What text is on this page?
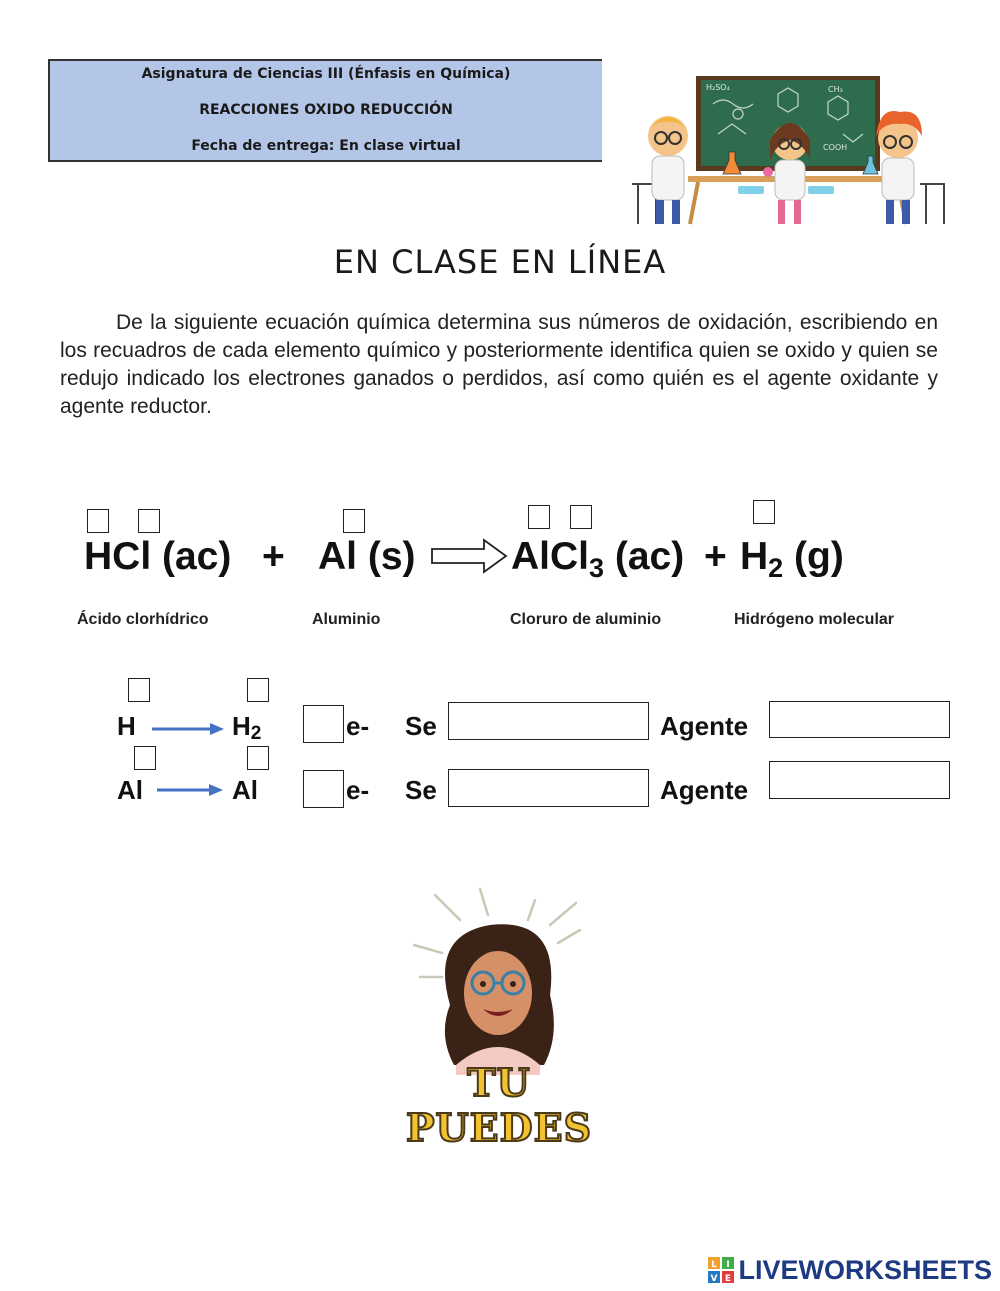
Asignatura de Ciencias III (Énfasis en Química)
REACCIONES OXIDO REDUCCIÓN
Fecha de entrega: En clase virtual
H₂SO₄	CH₃
COOH
EN CLASE EN LÍNEA
De la siguiente ecuación química determina sus números de oxidación, escribiendo en los recuadros de cada elemento químico y posteriormente identifica quien se oxido y quien se redujo indicado los electrones ganados o perdidos, así como quién es el agente oxidante y agente reductor.
HCl (ac) + Al (s) AlCl$_3$ $(ac) + H_2$ (g)
Ácido clorhídrico	Aluminio	Cloruro de aluminio	Hidrógeno molecular
H	$H_2$	e- Se	Agente
Al	Al	e- Se	Agente
TU PUEDES
L I
V E LIVEWORKSHEETS
